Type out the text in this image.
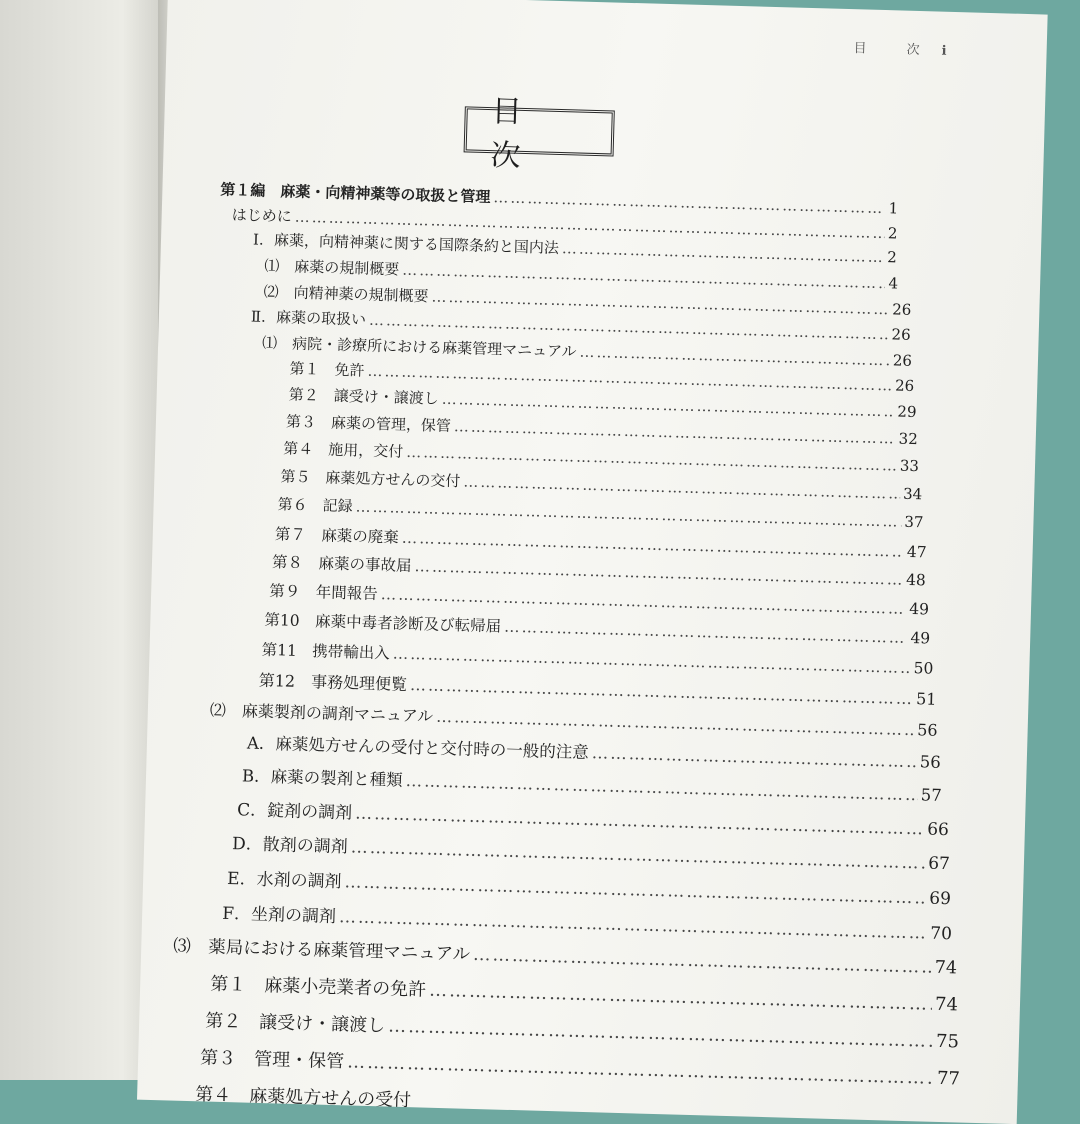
目 次 i
目 次
第１編　麻薬・向精神薬等の取扱と管理
……………………………………………………………………………………………………………………………………………………………………
1
はじめに
……………………………………………………………………………………………………………………………………………………………………
2
Ⅰ．麻薬，向精神薬に関する国際条約と国内法
……………………………………………………………………………………………………………………………………………………………………
2
⑴　麻薬の規制概要
……………………………………………………………………………………………………………………………………………………………………
4
⑵　向精神薬の規制概要
……………………………………………………………………………………………………………………………………………………………………
26
Ⅱ．麻薬の取扱い
……………………………………………………………………………………………………………………………………………………………………
26
⑴　病院・診療所における麻薬管理マニュアル
……………………………………………………………………………………………………………………………………………………………………
26
第１　免許
……………………………………………………………………………………………………………………………………………………………………
26
第２　譲受け・譲渡し
……………………………………………………………………………………………………………………………………………………………………
29
第３　麻薬の管理，保管
……………………………………………………………………………………………………………………………………………………………………
32
第４　施用，交付
……………………………………………………………………………………………………………………………………………………………………
33
第５　麻薬処方せんの交付
……………………………………………………………………………………………………………………………………………………………………
34
第６　記録
……………………………………………………………………………………………………………………………………………………………………
37
第７　麻薬の廃棄
……………………………………………………………………………………………………………………………………………………………………
47
第８　麻薬の事故届
……………………………………………………………………………………………………………………………………………………………………
48
第９　年間報告
……………………………………………………………………………………………………………………………………………………………………
49
第10　麻薬中毒者診断及び転帰届
……………………………………………………………………………………………………………………………………………………………………
49
第11　携帯輸出入
……………………………………………………………………………………………………………………………………………………………………
50
第12　事務処理便覧
……………………………………………………………………………………………………………………………………………………………………
51
⑵　麻薬製剤の調剤マニュアル
……………………………………………………………………………………………………………………………………………………………………
56
A．麻薬処方せんの受付と交付時の一般的注意
……………………………………………………………………………………………………………………………………………………………………
56
B．麻薬の製剤と種類
……………………………………………………………………………………………………………………………………………………………………
57
C．錠剤の調剤
……………………………………………………………………………………………………………………………………………………………………
66
D．散剤の調剤
……………………………………………………………………………………………………………………………………………………………………
67
E．水剤の調剤
……………………………………………………………………………………………………………………………………………………………………
69
F．坐剤の調剤
……………………………………………………………………………………………………………………………………………………………………
70
⑶　薬局における麻薬管理マニュアル
……………………………………………………………………………………………………………………………………………………………………
74
第１　麻薬小売業者の免許
……………………………………………………………………………………………………………………………………………………………………
74
第２　譲受け・譲渡し
……………………………………………………………………………………………………………………………………………………………………
75
第３　管理・保管
……………………………………………………………………………………………………………………………………………………………………
77
第４　麻薬処方せんの受付
